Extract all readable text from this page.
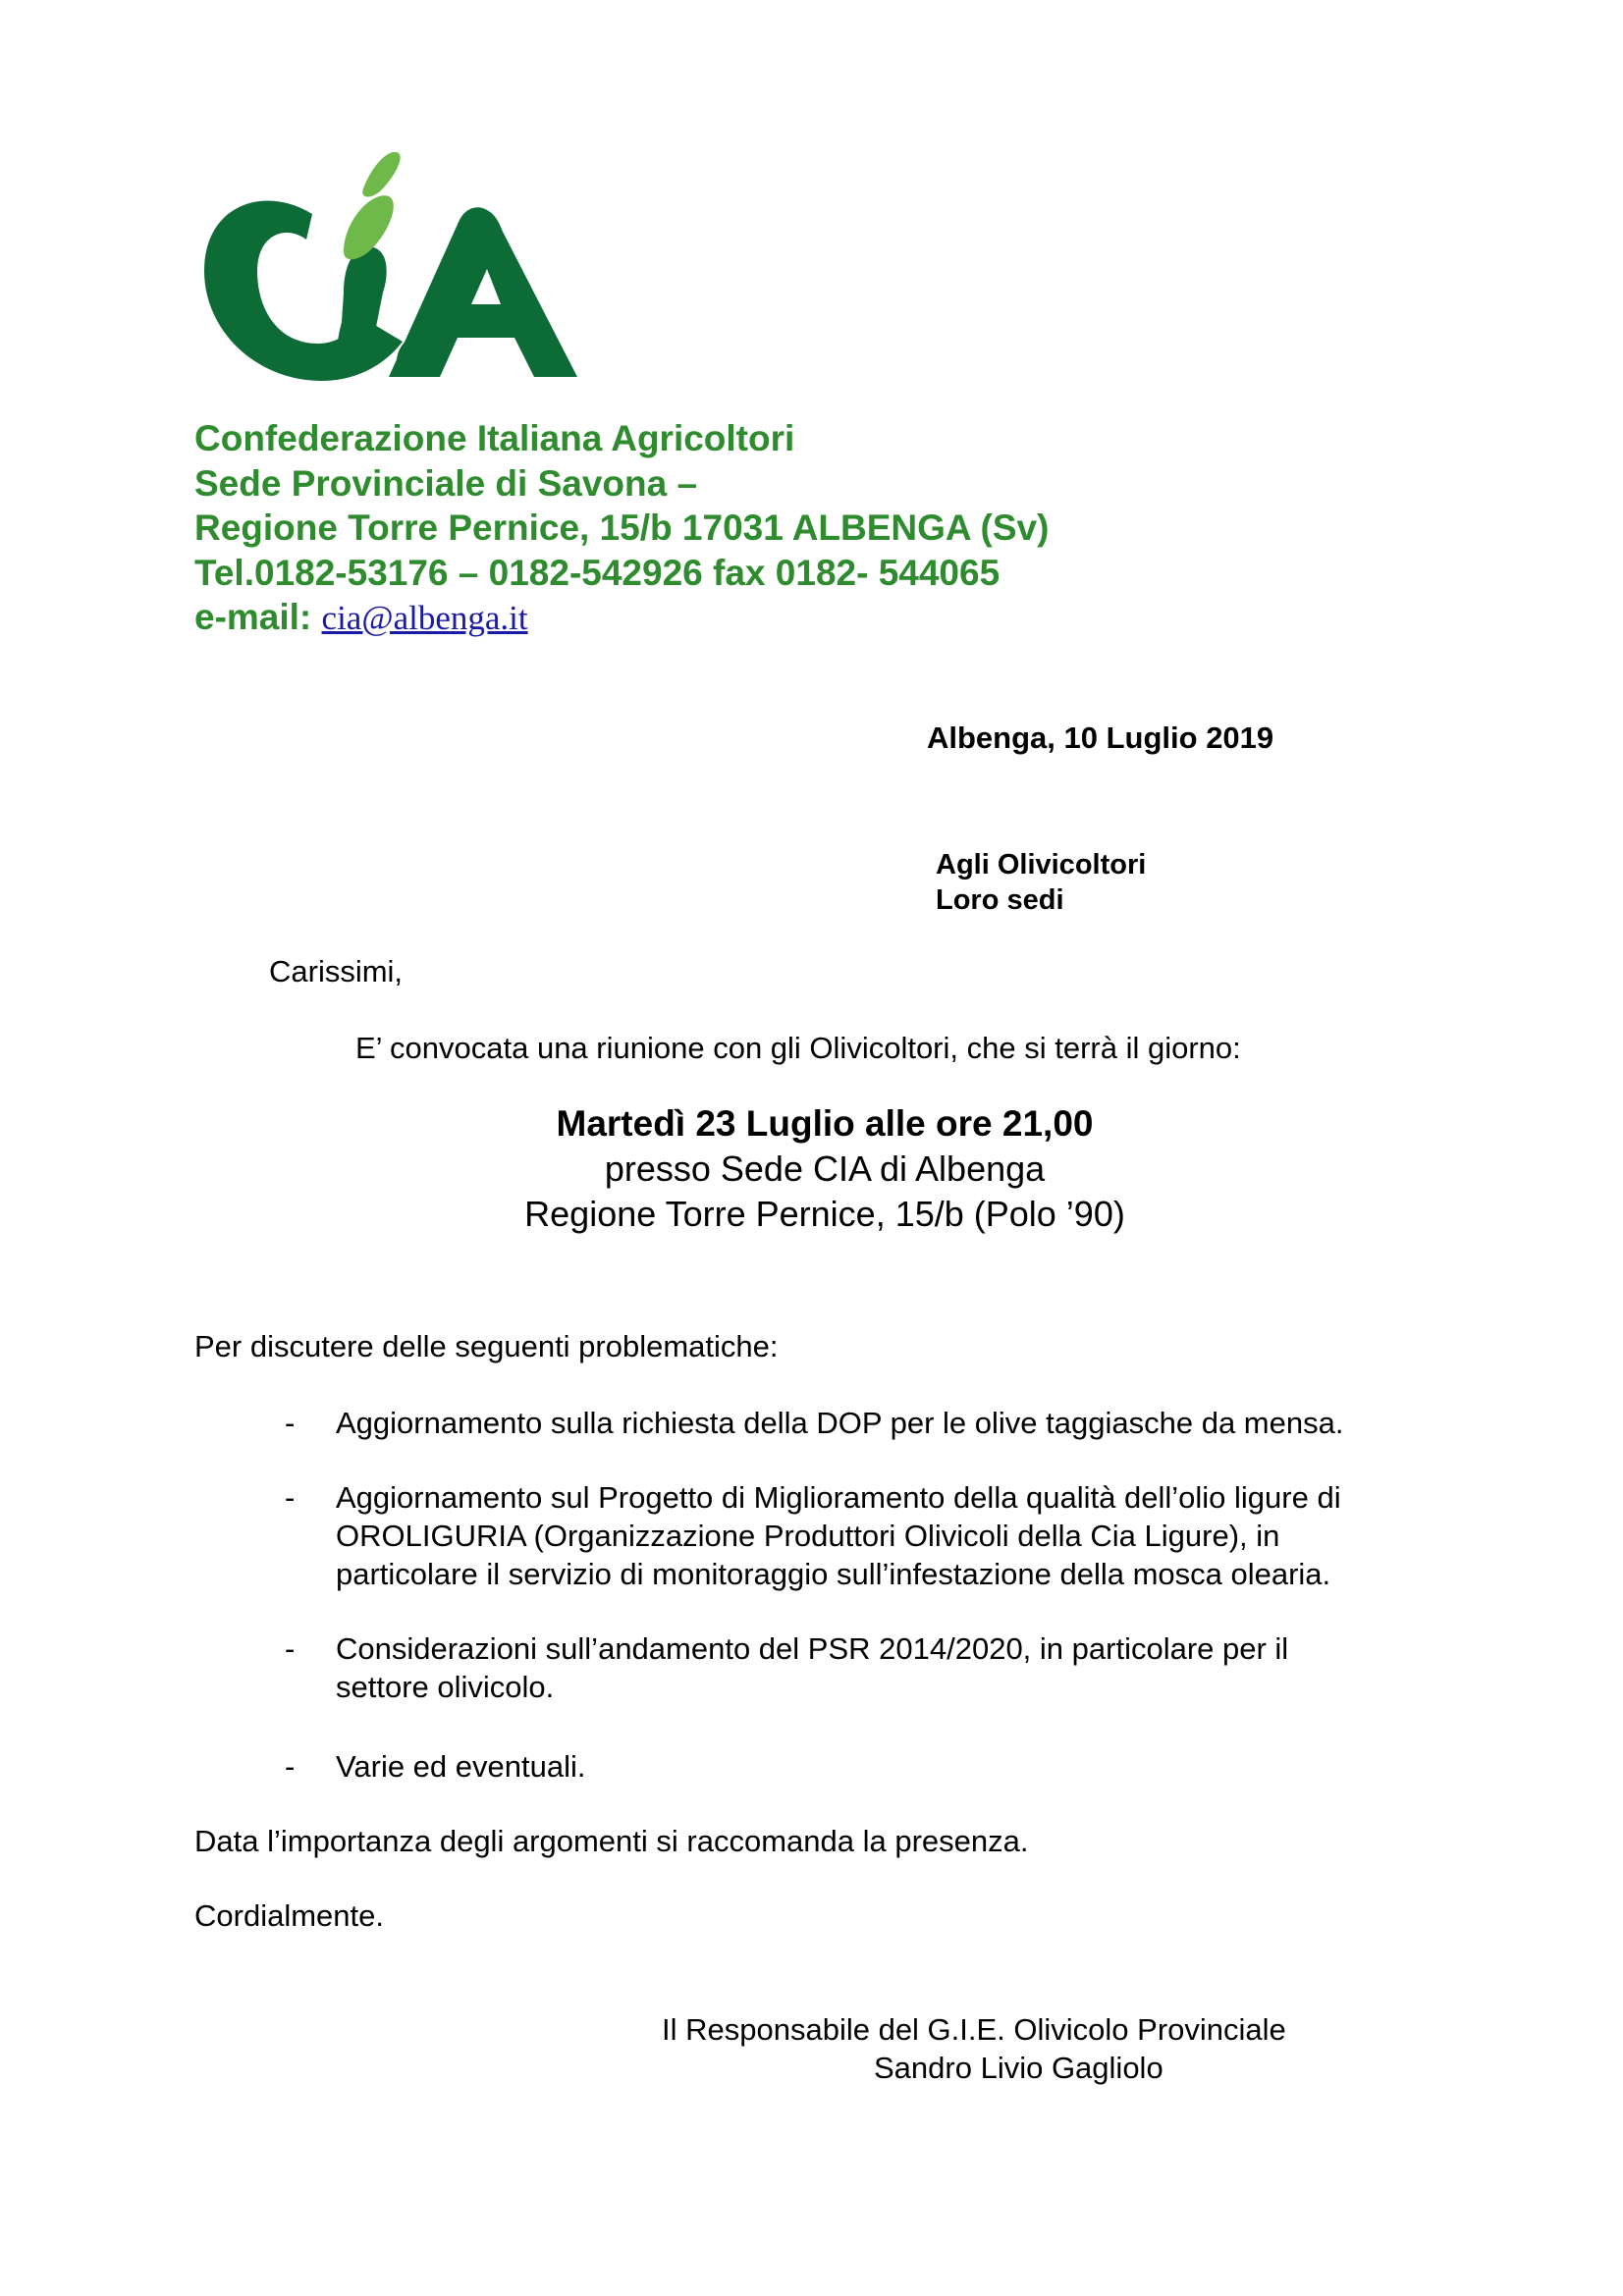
Confederazione Italiana Agricoltori
Sede Provinciale di Savona –
Regione Torre Pernice, 15/b 17031 ALBENGA (Sv)
Tel.0182-53176 – 0182-542926 fax 0182- 544065
e-mail: cia@albenga.it
Albenga, 10 Luglio 2019
Agli Olivicoltori
Loro sedi
Carissimi,
E’ convocata una riunione con gli Olivicoltori, che si terrà il giorno:
Martedì 23 Luglio alle ore 21,00
presso Sede CIA di Albenga
Regione Torre Pernice, 15/b (Polo ’90)
Per discutere delle seguenti problematiche:
- Aggiornamento sulla richiesta della DOP per le olive taggiasche da mensa.
- Aggiornamento sul Progetto di Miglioramento della qualità dell’olio ligure di
OROLIGURIA (Organizzazione Produttori Olivicoli della Cia Ligure), in
particolare il servizio di monitoraggio sull’infestazione della mosca olearia.
- Considerazioni sull’andamento del PSR 2014/2020, in particolare per il
settore olivicolo.
- Varie ed eventuali.
Data l’importanza degli argomenti si raccomanda la presenza.
Cordialmente.
Il Responsabile del G.I.E. Olivicolo Provinciale
Sandro Livio Gagliolo
